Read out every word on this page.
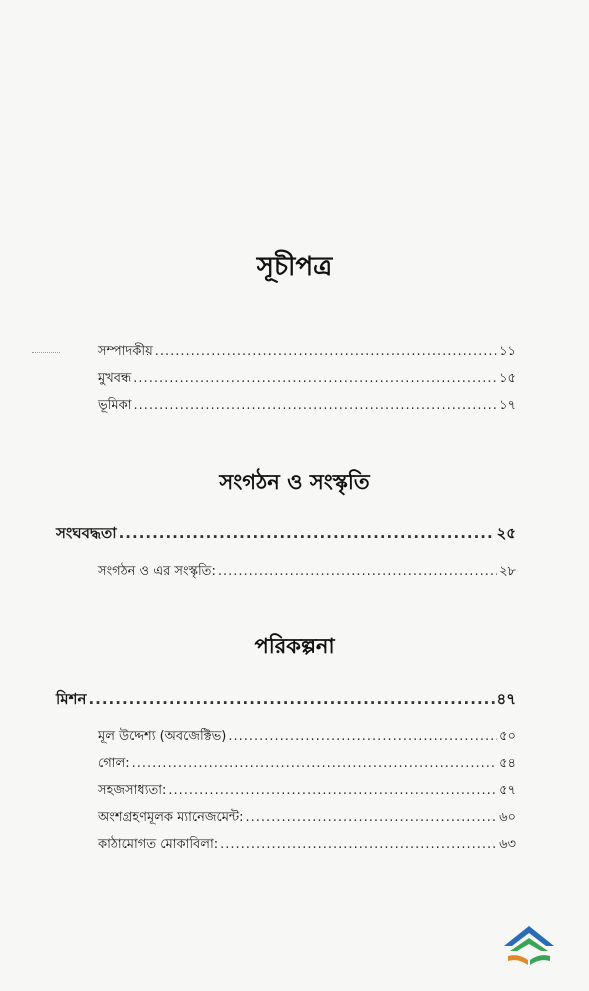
সূচীপত্র
সম্পাদকীয় .....	১১
মুখবন্ধ .....	১৫
ভূমিকা .....	১৭
সংগঠন ও সংস্কৃতি
সংঘবদ্ধতা .....	২৫
সংগঠন ও এর সংস্কৃতি: .....	২৮
পরিকল্পনা
মিশন .....	৪৭
মূল উদ্দেশ্য (অবজেক্টিভ) .....	৫০
গোল: .....	৫৪
সহজসাধ্যতা: .....	৫৭
অংশগ্রহণমূলক ম্যানেজমেন্ট: .....	৬০
কাঠামোগত মোকাবিলা: .....	৬৩
